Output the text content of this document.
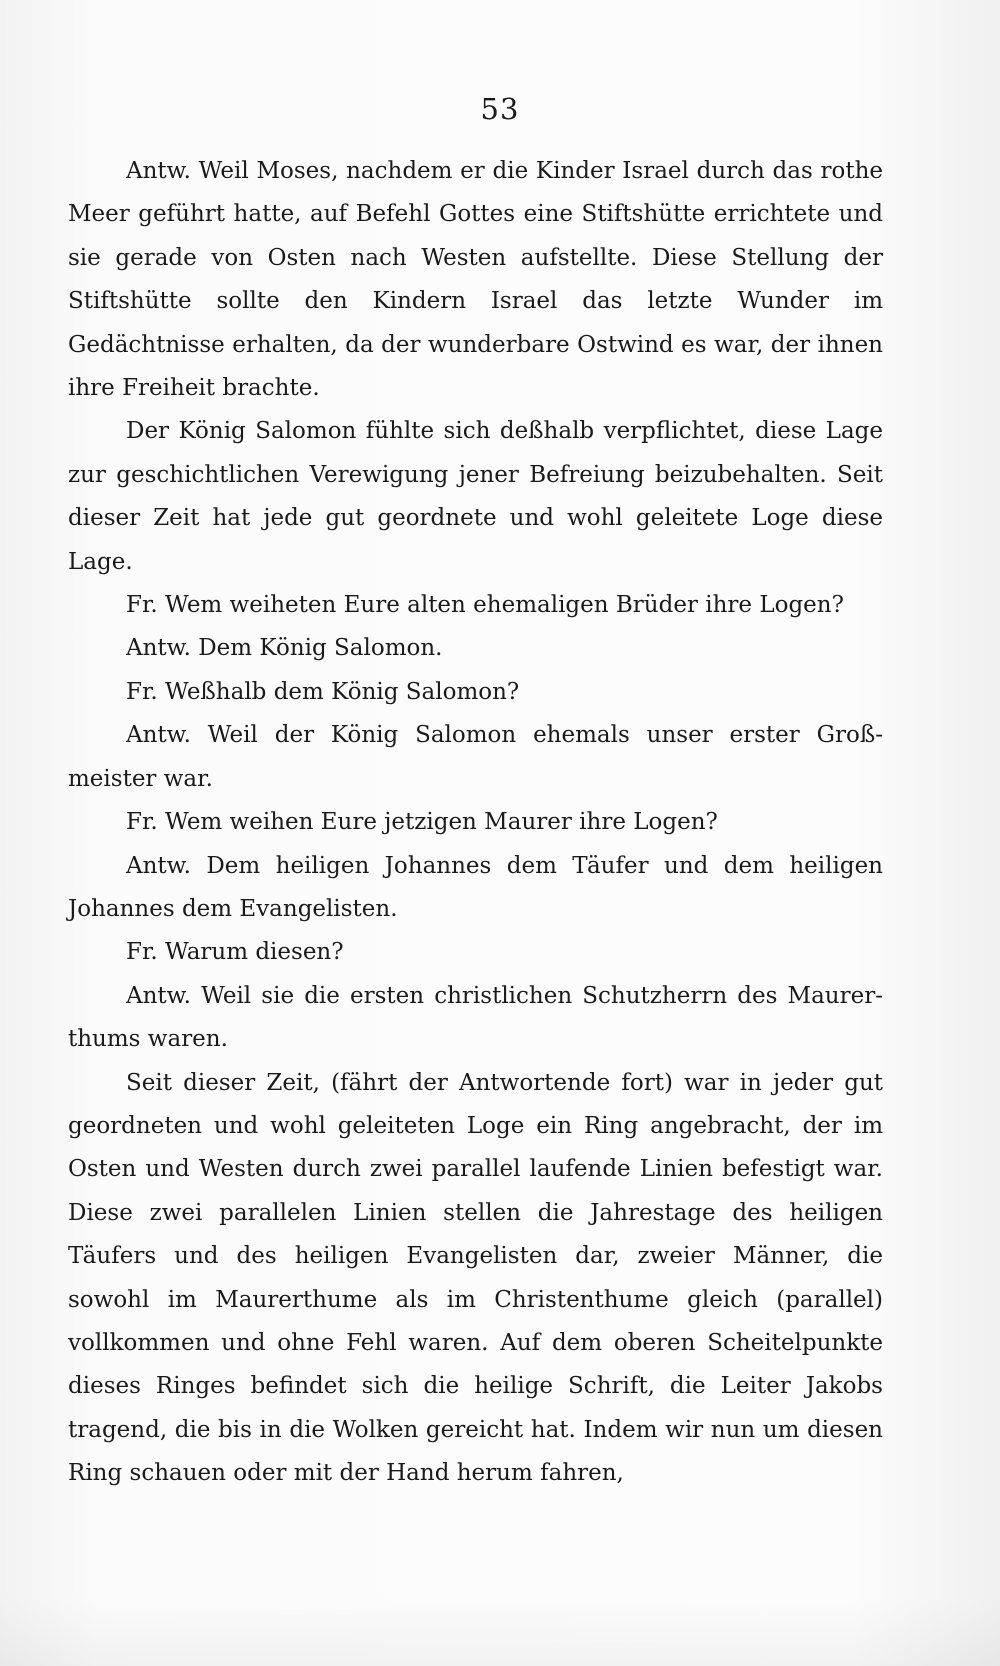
53

Antw. Weil Moses, nachdem er die Kinder Israel durch das rothe Meer geführt hatte, auf Befehl Gottes eine Stiftshütte errichtete und sie gerade von Osten nach Westen aufstellte. Diese Stellung der Stiftshütte sollte den Kindern Israel das letzte Wunder im Gedächtnisse erhalten, da der wunderbare Ostwind es war, der ihnen ihre Freiheit brachte.

Der König Salomon fühlte sich deßhalb verpflichtet, diese Lage zur geschichtlichen Verewigung jener Befreiung beizubehalten. Seit dieser Zeit hat jede gut geordnete und wohl geleitete Loge diese Lage.

Fr. Wem weiheten Eure alten ehemaligen Brüder ihre Logen?

Antw. Dem König Salomon.

Fr. Weßhalb dem König Salomon?

Antw. Weil der König Salomon ehemals unser erster Großmeister war.

Fr. Wem weihen Eure jetzigen Maurer ihre Logen?

Antw. Dem heiligen Johannes dem Täufer und dem heiligen Johannes dem Evangelisten.

Fr. Warum diesen?

Antw. Weil sie die ersten christlichen Schutzherrn des Maurerthums waren.

Seit dieser Zeit, (fährt der Antwortende fort) war in jeder gut geordneten und wohl geleiteten Loge ein Ring angebracht, der im Osten und Westen durch zwei parallel laufende Linien befestigt war. Diese zwei parallelen Linien stellen die Jahrestage des heiligen Täufers und des heiligen Evangelisten dar, zweier Männer, die sowohl im Maurerthume als im Christenthume gleich (parallel) vollkommen und ohne Fehl waren. Auf dem oberen Scheitelpunkte dieses Ringes befindet sich die heilige Schrift, die Leiter Jakobs tragend, die bis in die Wolken gereicht hat. Indem wir nun um diesen Ring schauen oder mit der Hand herum fahren,
